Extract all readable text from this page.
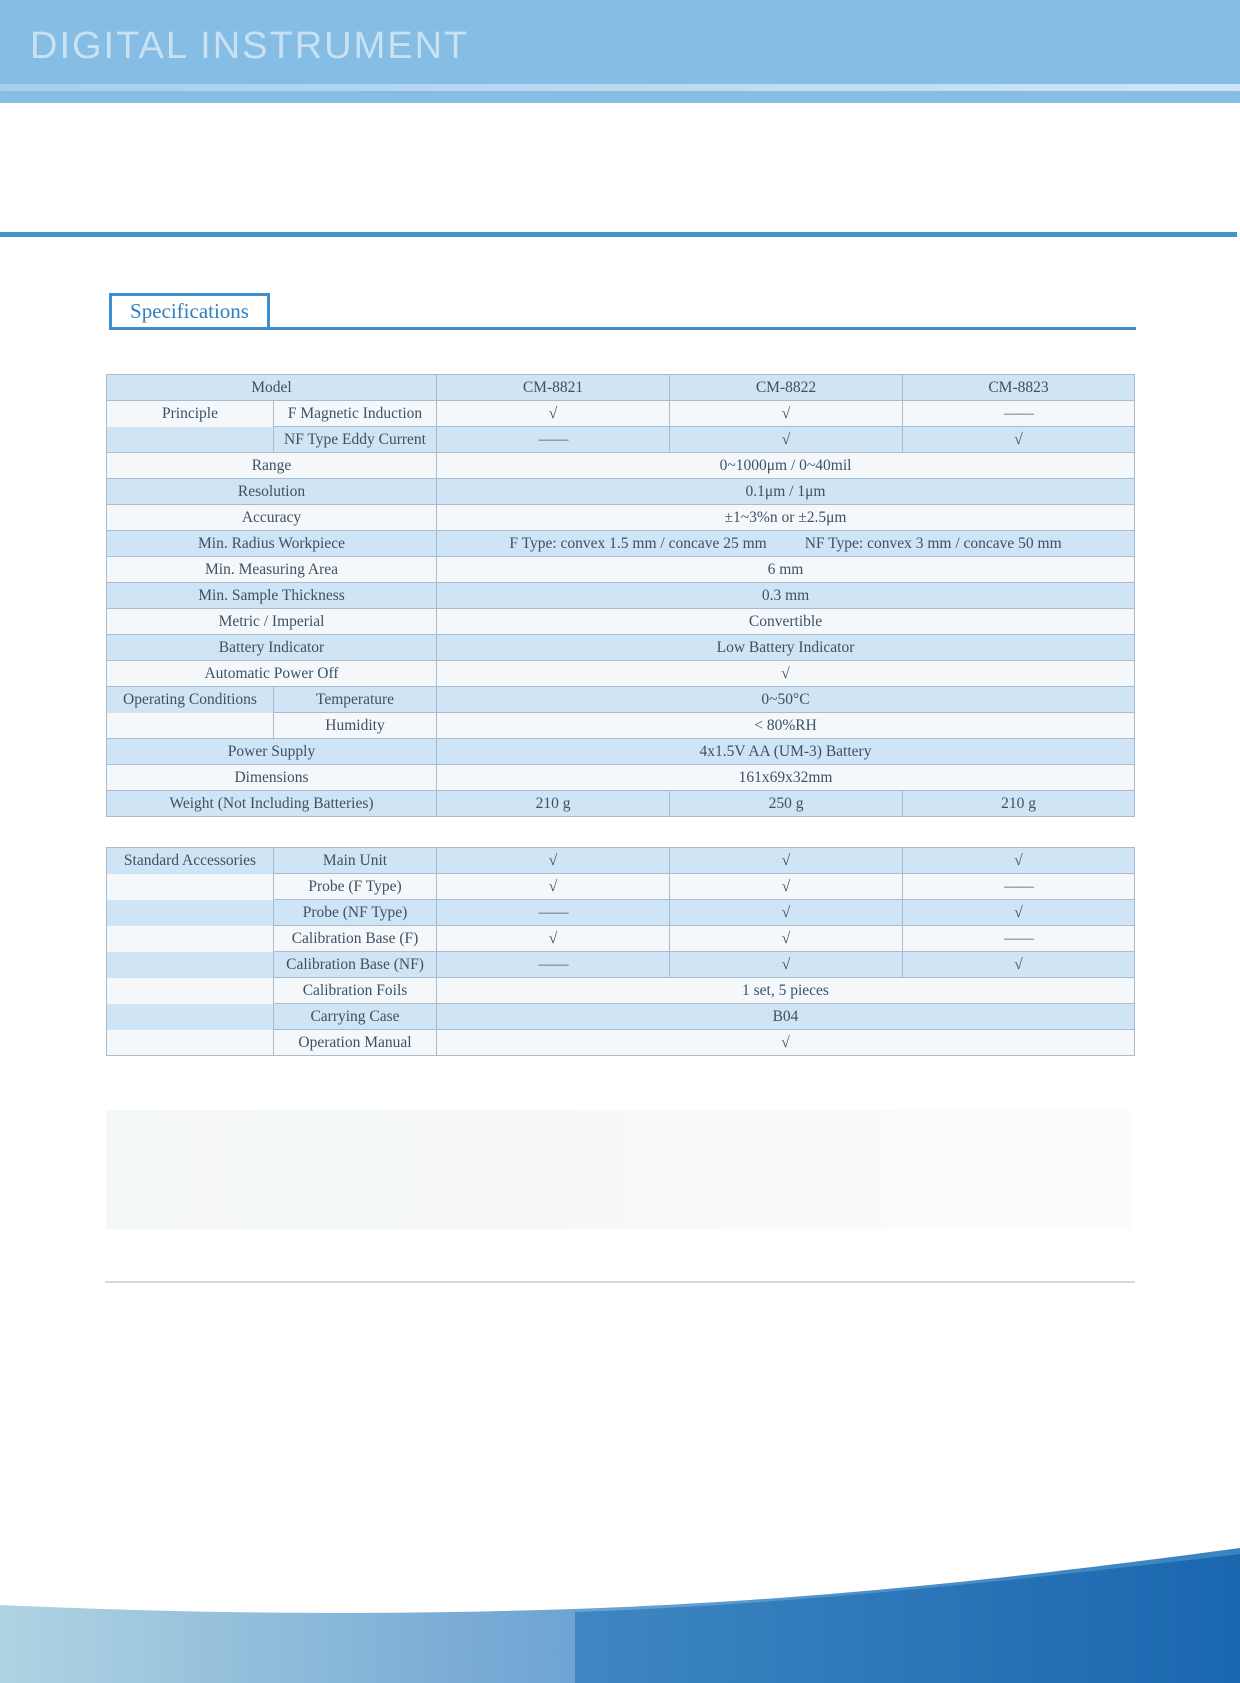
DIGITAL INSTRUMENT
Specifications
Model		CM-8821	CM-8822	CM-8823
Principle	F Magnetic Induction	√	√	——
	NF Type Eddy Current	——	√	√
Range		0~1000μm / 0~40mil		
Resolution		0.1μm / 1μm		
Accuracy		±1~3%n or ±2.5μm		
Min. Radius Workpiece		F Type: convex 1.5 mm / concave 25 mm NF Type: convex 3 mm / concave 50 mm		

Min. Measuring Area		6 mm		
Min. Sample Thickness		0.3 mm		
Metric / Imperial		Convertible		
Battery Indicator		Low Battery Indicator		
Automatic Power Off		√		
Operating Conditions	Temperature	0~50°C		
	Humidity	< 80%RH		
Power Supply		4x1.5V AA (UM-3) Battery		
Dimensions		161x69x32mm		
Weight (Not Including Batteries)		210 g	250 g	210 g
Standard Accessories	Main Unit	√	√	√
	Probe (F Type)	√	√	——
	Probe (NF Type)	——	√	√
	Calibration Base (F)	√	√	——
	Calibration Base (NF)	——	√	√
	Calibration Foils	1 set, 5 pieces		
	Carrying Case	B04		
	Operation Manual	√		
